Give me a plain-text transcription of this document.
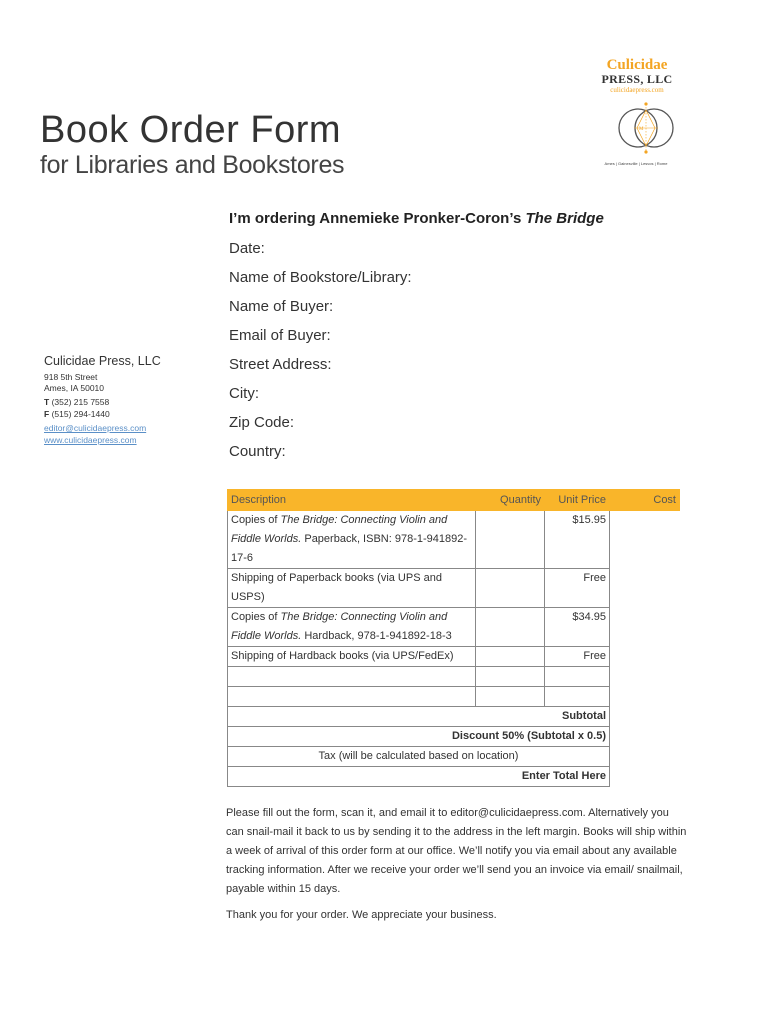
Culicidae
PRESS, LLC
culicidaepress.com
M
Ames | Gainesville | Lesvos | Rome
Book Order Form
for Libraries and Bookstores
I’m ordering Annemieke Pronker-Coron’s The Bridge
Date:
Name of Bookstore/Library:
Name of Buyer:
Email of Buyer:
Street Address:
City:
Zip Code:
Country:
Culicidae Press, LLC
918 5th Street
Ames, IA 50010
T (352) 215 7558
F (515) 294-1440
editor@culicidaepress.com
www.culicidaepress.com
Description	Quantity	Unit Price	Cost
Copies of The Bridge: Connecting Violin and Fiddle Worlds. Paperback, ISBN: 978-1-941892-17-6		$15.95	
Shipping of Paperback books (via UPS and USPS)		Free	
Copies of The Bridge: Connecting Violin and Fiddle Worlds. Hardback, 978-1-941892-18-3		$34.95	
Shipping of Hardback books (via UPS/FedEx)		Free	

Subtotal			
Discount 50% (Subtotal x 0.5)			
Tax (will be calculated based on location)			
Enter Total Here			
Please fill out the form, scan it, and email it to editor@culicidaepress.com. Alternatively you can snail-mail it back to us by sending it to the address in the left margin. Books will ship within a week of arrival of this order form at our office. We’ll notify you via email about any available tracking information. After we receive your order we’ll send you an invoice via email/ snailmail, payable within 15 days.
Thank you for your order. We appreciate your business.
